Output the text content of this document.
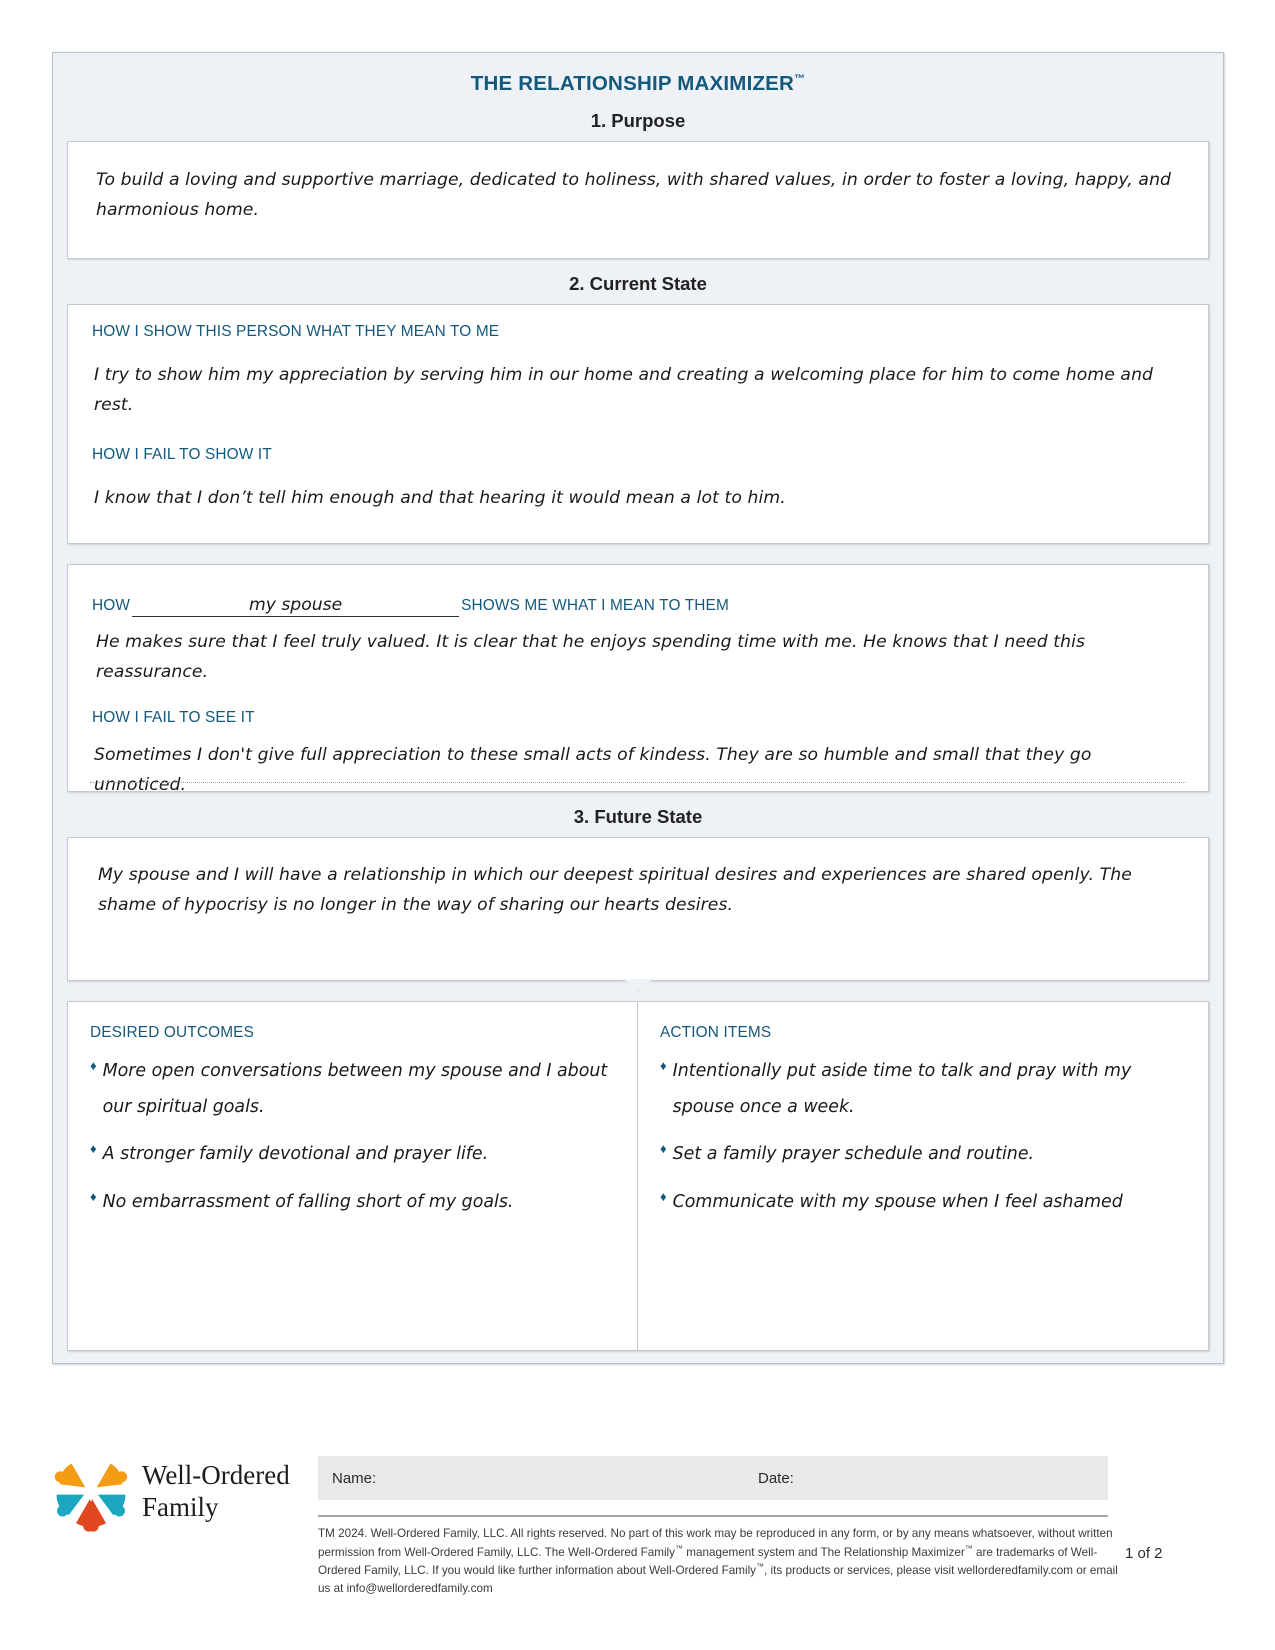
THE RELATIONSHIP MAXIMIZER™
1. Purpose
To build a loving and supportive marriage, dedicated to holiness, with shared values, in order to foster a loving, happy, and harmonious home.
2. Current State
HOW I SHOW THIS PERSON WHAT THEY MEAN TO ME
I try to show him my appreciation by serving him in our home and creating a welcoming place for him to come home and rest.
HOW I FAIL TO SHOW IT
I know that I don’t tell him enough and that hearing it would mean a lot to him.
HOW	my spouse	SHOWS ME WHAT I MEAN TO THEM
He makes sure that I feel truly valued. It is clear that he enjoys spending time with me. He knows that I need this reassurance.
HOW I FAIL TO SEE IT
Sometimes I don't give full appreciation to these small acts of kindess. They are so humble and small that they go unnoticed.
3. Future State
My spouse and I will have a relationship in which our deepest spiritual desires and experiences are shared openly. The shame of hypocrisy is no longer in the way of sharing our hearts desires.
DESIRED OUTCOMES
♦ More open conversations between my spouse and I about our spiritual goals.
♦ A stronger family devotional and prayer life.
♦ No embarrassment of falling short of my goals.
ACTION ITEMS
♦ Intentionally put aside time to talk and pray with my spouse once a week.
♦ Set a family prayer schedule and routine.
♦ Communicate with my spouse when I feel ashamed
Well-Ordered
Family
Name:	Date:
TM 2024. Well-Ordered Family, LLC. All rights reserved. No part of this work may be reproduced in any form, or by any means whatsoever, without written permission from Well-Ordered Family, LLC. The Well-Ordered Family™ management system and The Relationship Maximizer™ are trademarks of Well-Ordered Family, LLC. If you would like further information about Well-Ordered Family™, its products or services, please visit wellorderedfamily.com or email us at info@wellorderedfamily.com
1 of 2
